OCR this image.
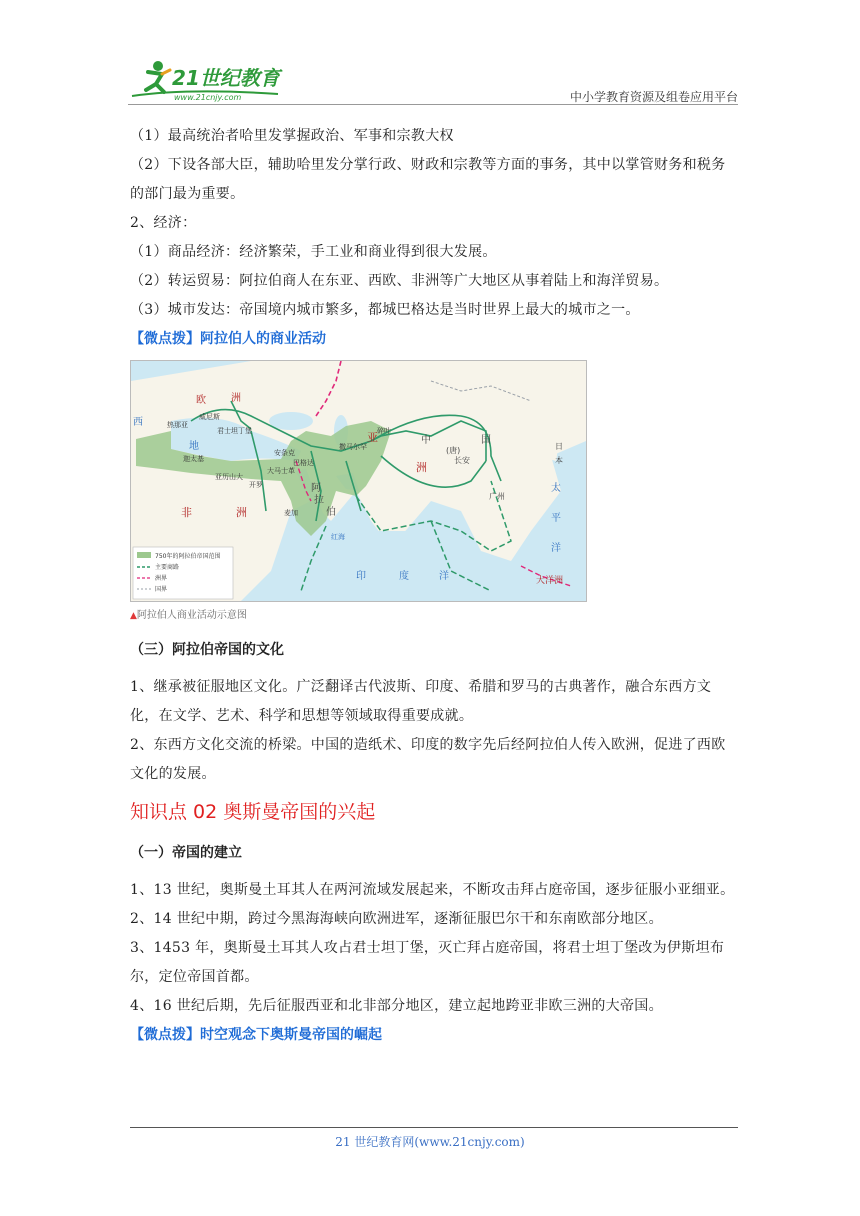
21世纪教育
www.21cnjy.com	中小学教育资源及组卷应用平台

（1）最高统治者哈里发掌握政治、军事和宗教大权

（2）下设各部大臣，辅助哈里发分掌行政、财政和宗教等方面的事务，其中以掌管财务和税务的部门最为重要。

2、经济：

（1）商品经济：经济繁荣，手工业和商业得到很大发展。

（2）转运贸易：阿拉伯商人在东亚、西欧、非洲等广大地区从事着陆上和海洋贸易。

（3）城市发达：帝国境内城市繁多，都城巴格达是当时世界上最大的城市之一。

【微点拨】阿拉伯人的商业活动

欧	洲
西
地
亚
洲
非	洲
中	国
(唐)
长安
广州
阿
拉
伯
印	度	洋
太
平
洋
日
本
大洋洲
红海
威尼斯
热那亚
君士坦丁堡
迦太基
亚历山大
开罗
安条克
大马士革
巴格达
麦加
撒马尔罕
碎叶
750年的阿拉伯帝国范围
主要商路
洲界
国界

▲阿拉伯人商业活动示意图

（三）阿拉伯帝国的文化

1、继承被征服地区文化。广泛翻译古代波斯、印度、希腊和罗马的古典著作，融合东西方文化，在文学、艺术、科学和思想等领域取得重要成就。

2、东西方文化交流的桥梁。中国的造纸术、印度的数字先后经阿拉伯人传入欧洲，促进了西欧文化的发展。

知识点 02 奥斯曼帝国的兴起

（一）帝国的建立

1、13 世纪，奥斯曼土耳其人在两河流域发展起来，不断攻击拜占庭帝国，逐步征服小亚细亚。

2、14 世纪中期，跨过今黑海海峡向欧洲进军，逐渐征服巴尔干和东南欧部分地区。

3、1453 年，奥斯曼土耳其人攻占君士坦丁堡，灭亡拜占庭帝国，将君士坦丁堡改为伊斯坦布尔，定位帝国首都。

4、16 世纪后期，先后征服西亚和北非部分地区，建立起地跨亚非欧三洲的大帝国。

【微点拨】时空观念下奥斯曼帝国的崛起

21 世纪教育网(www.21cnjy.com)
